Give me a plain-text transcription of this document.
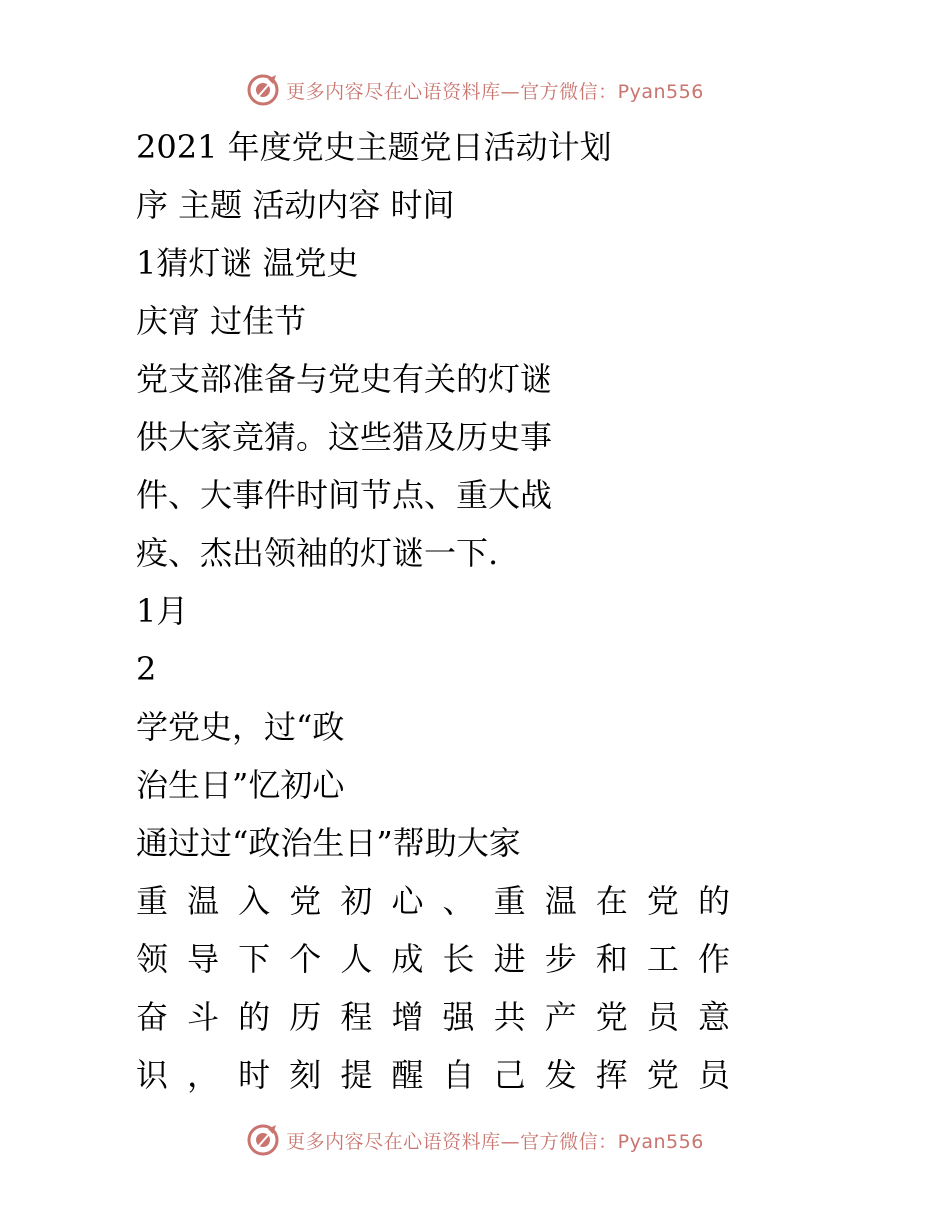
更多内容尽在心语资料库—官方微信：Pyan556
2021 年度党史主题党日活动计划
序 主题 活动内容 时间
1猜灯谜 温党史
庆宵 过佳节
党支部准备与党史有关的灯谜
供大家竞猜。这些猎及历史事
件、大事件时间节点、重大战
疫、杰出领袖的灯谜一下.
1月
2
学党史，过“政
治生日”忆初心
通过过“政治生日”帮助大家
重温入党初心、重温在党的
领导下个人成长进步和工作
奋斗的历程增强共产党员意
识，时刻提醒自己发挥党员
更多内容尽在心语资料库—官方微信：Pyan556
